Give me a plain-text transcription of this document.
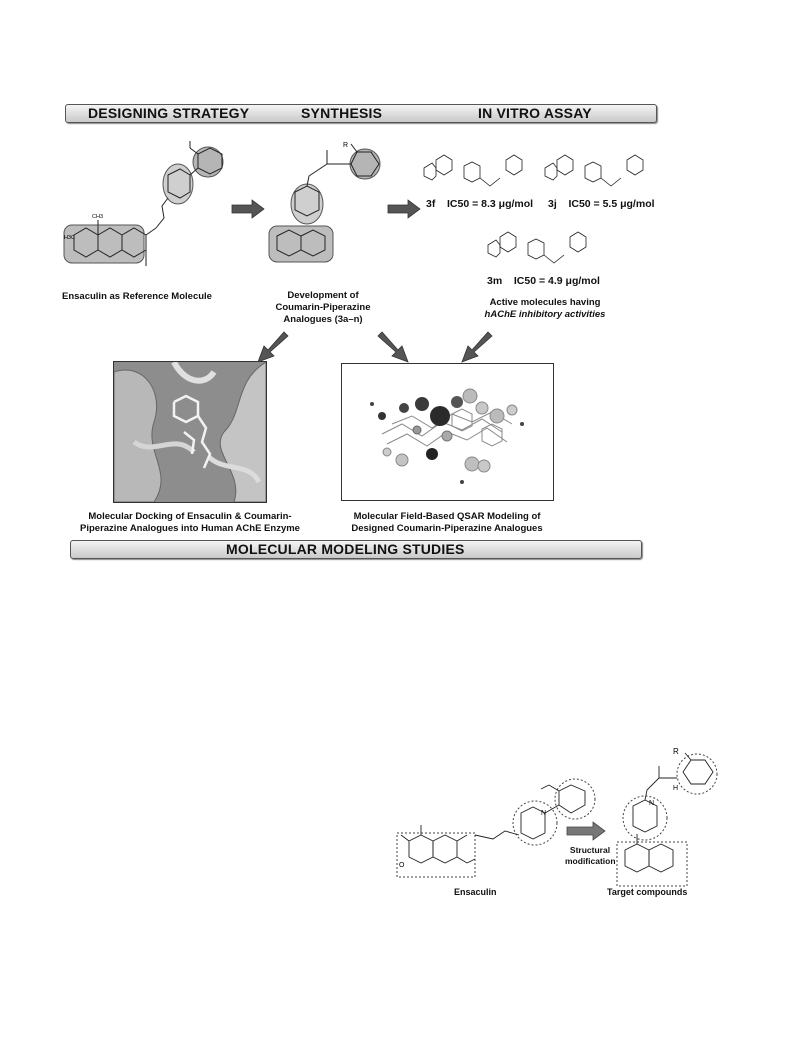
DESIGNING STRATEGY	SYNTHESIS	IN VITRO ASSAY
CH3
H3C
Ensaculin as Reference Molecule
R
Development of
Coumarin-Piperazine
Analogues (3a–n)
3f IC50 = 8.3 μg/mol 3j IC50 = 5.5 μg/mol
3m IC50 = 4.9 μg/mol
Active molecules having
hAChE inhibitory activities
Molecular Docking of Ensaculin & Coumarin-
Piperazine Analogues into Human AChE Enzyme
Molecular Field-Based QSAR Modeling of
Designed Coumarin-Piperazine Analogues
MOLECULAR MODELING STUDIES
O
N
Ensaculin
Structural
modification
R
N
H
Target compounds
